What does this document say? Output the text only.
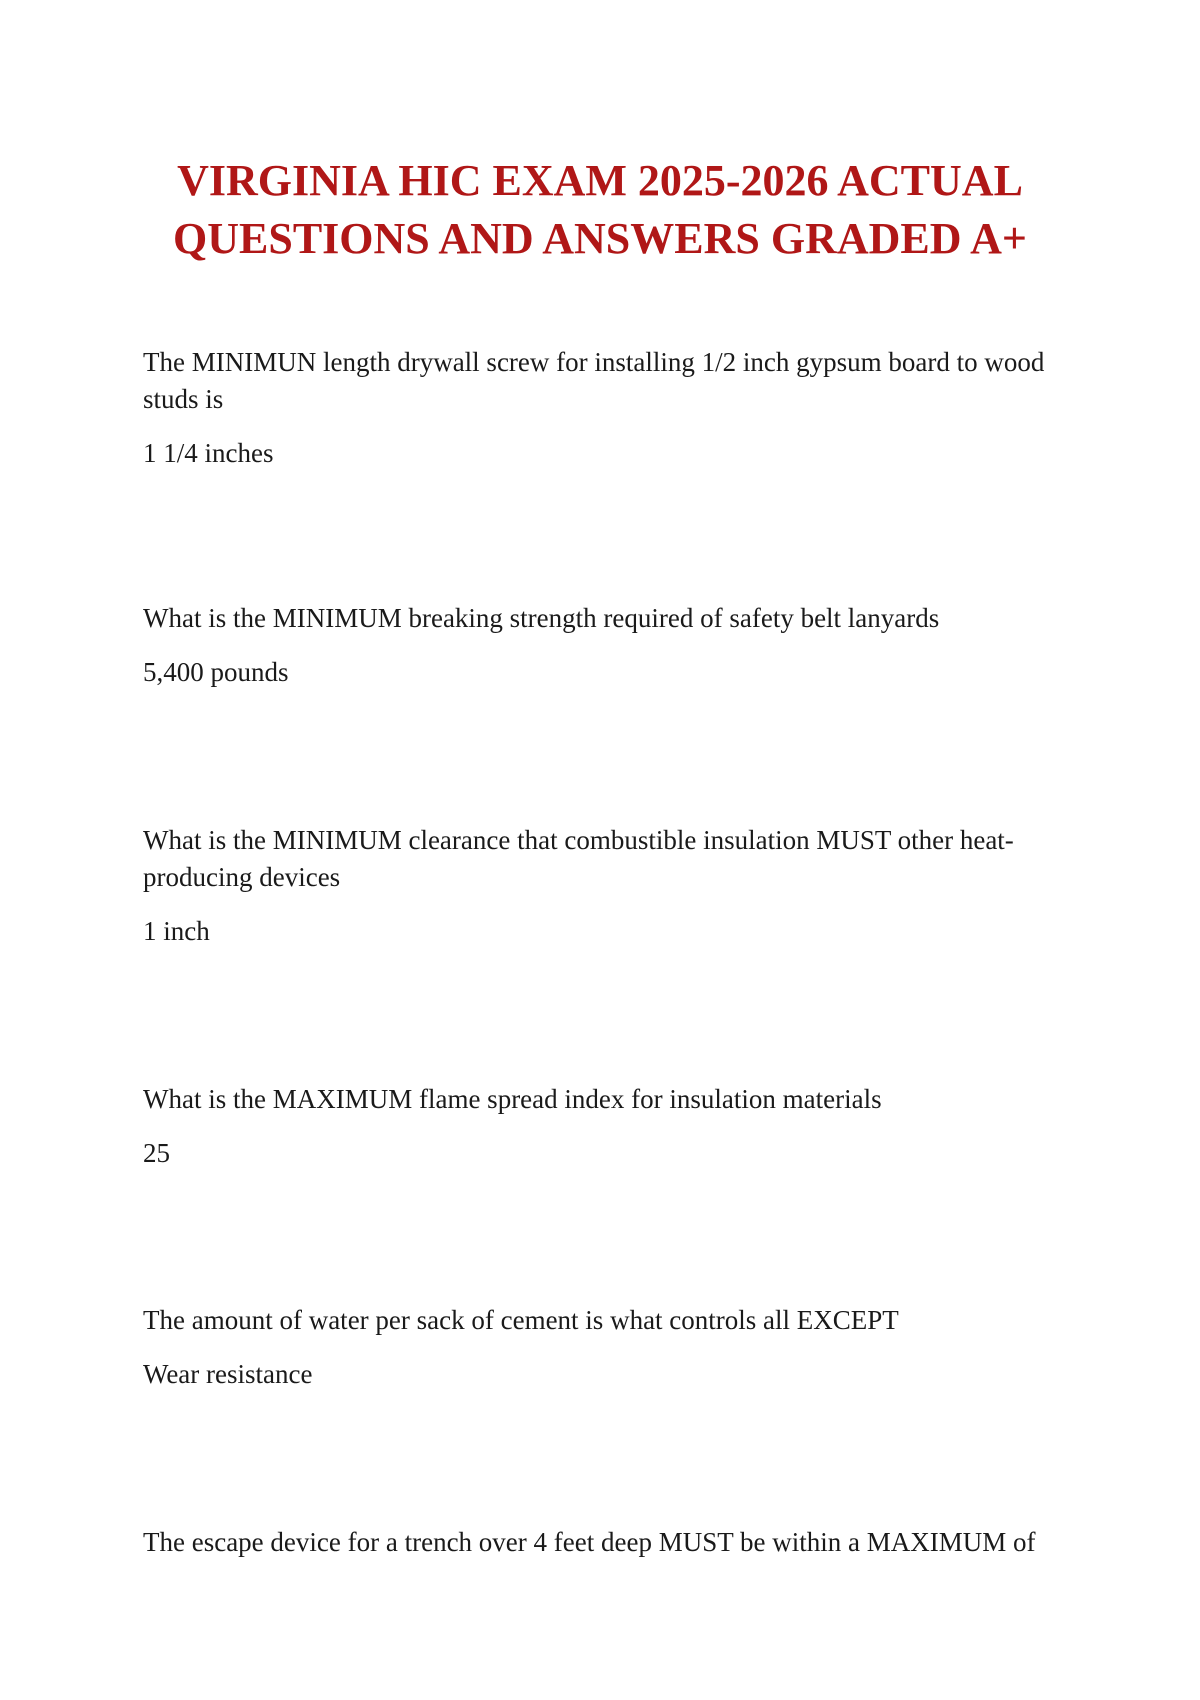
VIRGINIA HIC EXAM 2025-2026 ACTUAL
QUESTIONS AND ANSWERS GRADED A+

The MINIMUN length drywall screw for installing 1/2 inch gypsum board to wood studs is

1 1/4 inches

What is the MINIMUM breaking strength required of safety belt lanyards

5,400 pounds

What is the MINIMUM clearance that combustible insulation MUST other heat-producing devices

1 inch

What is the MAXIMUM flame spread index for insulation materials

25

The amount of water per sack of cement is what controls all EXCEPT

Wear resistance

The escape device for a trench over 4 feet deep MUST be within a MAXIMUM of
